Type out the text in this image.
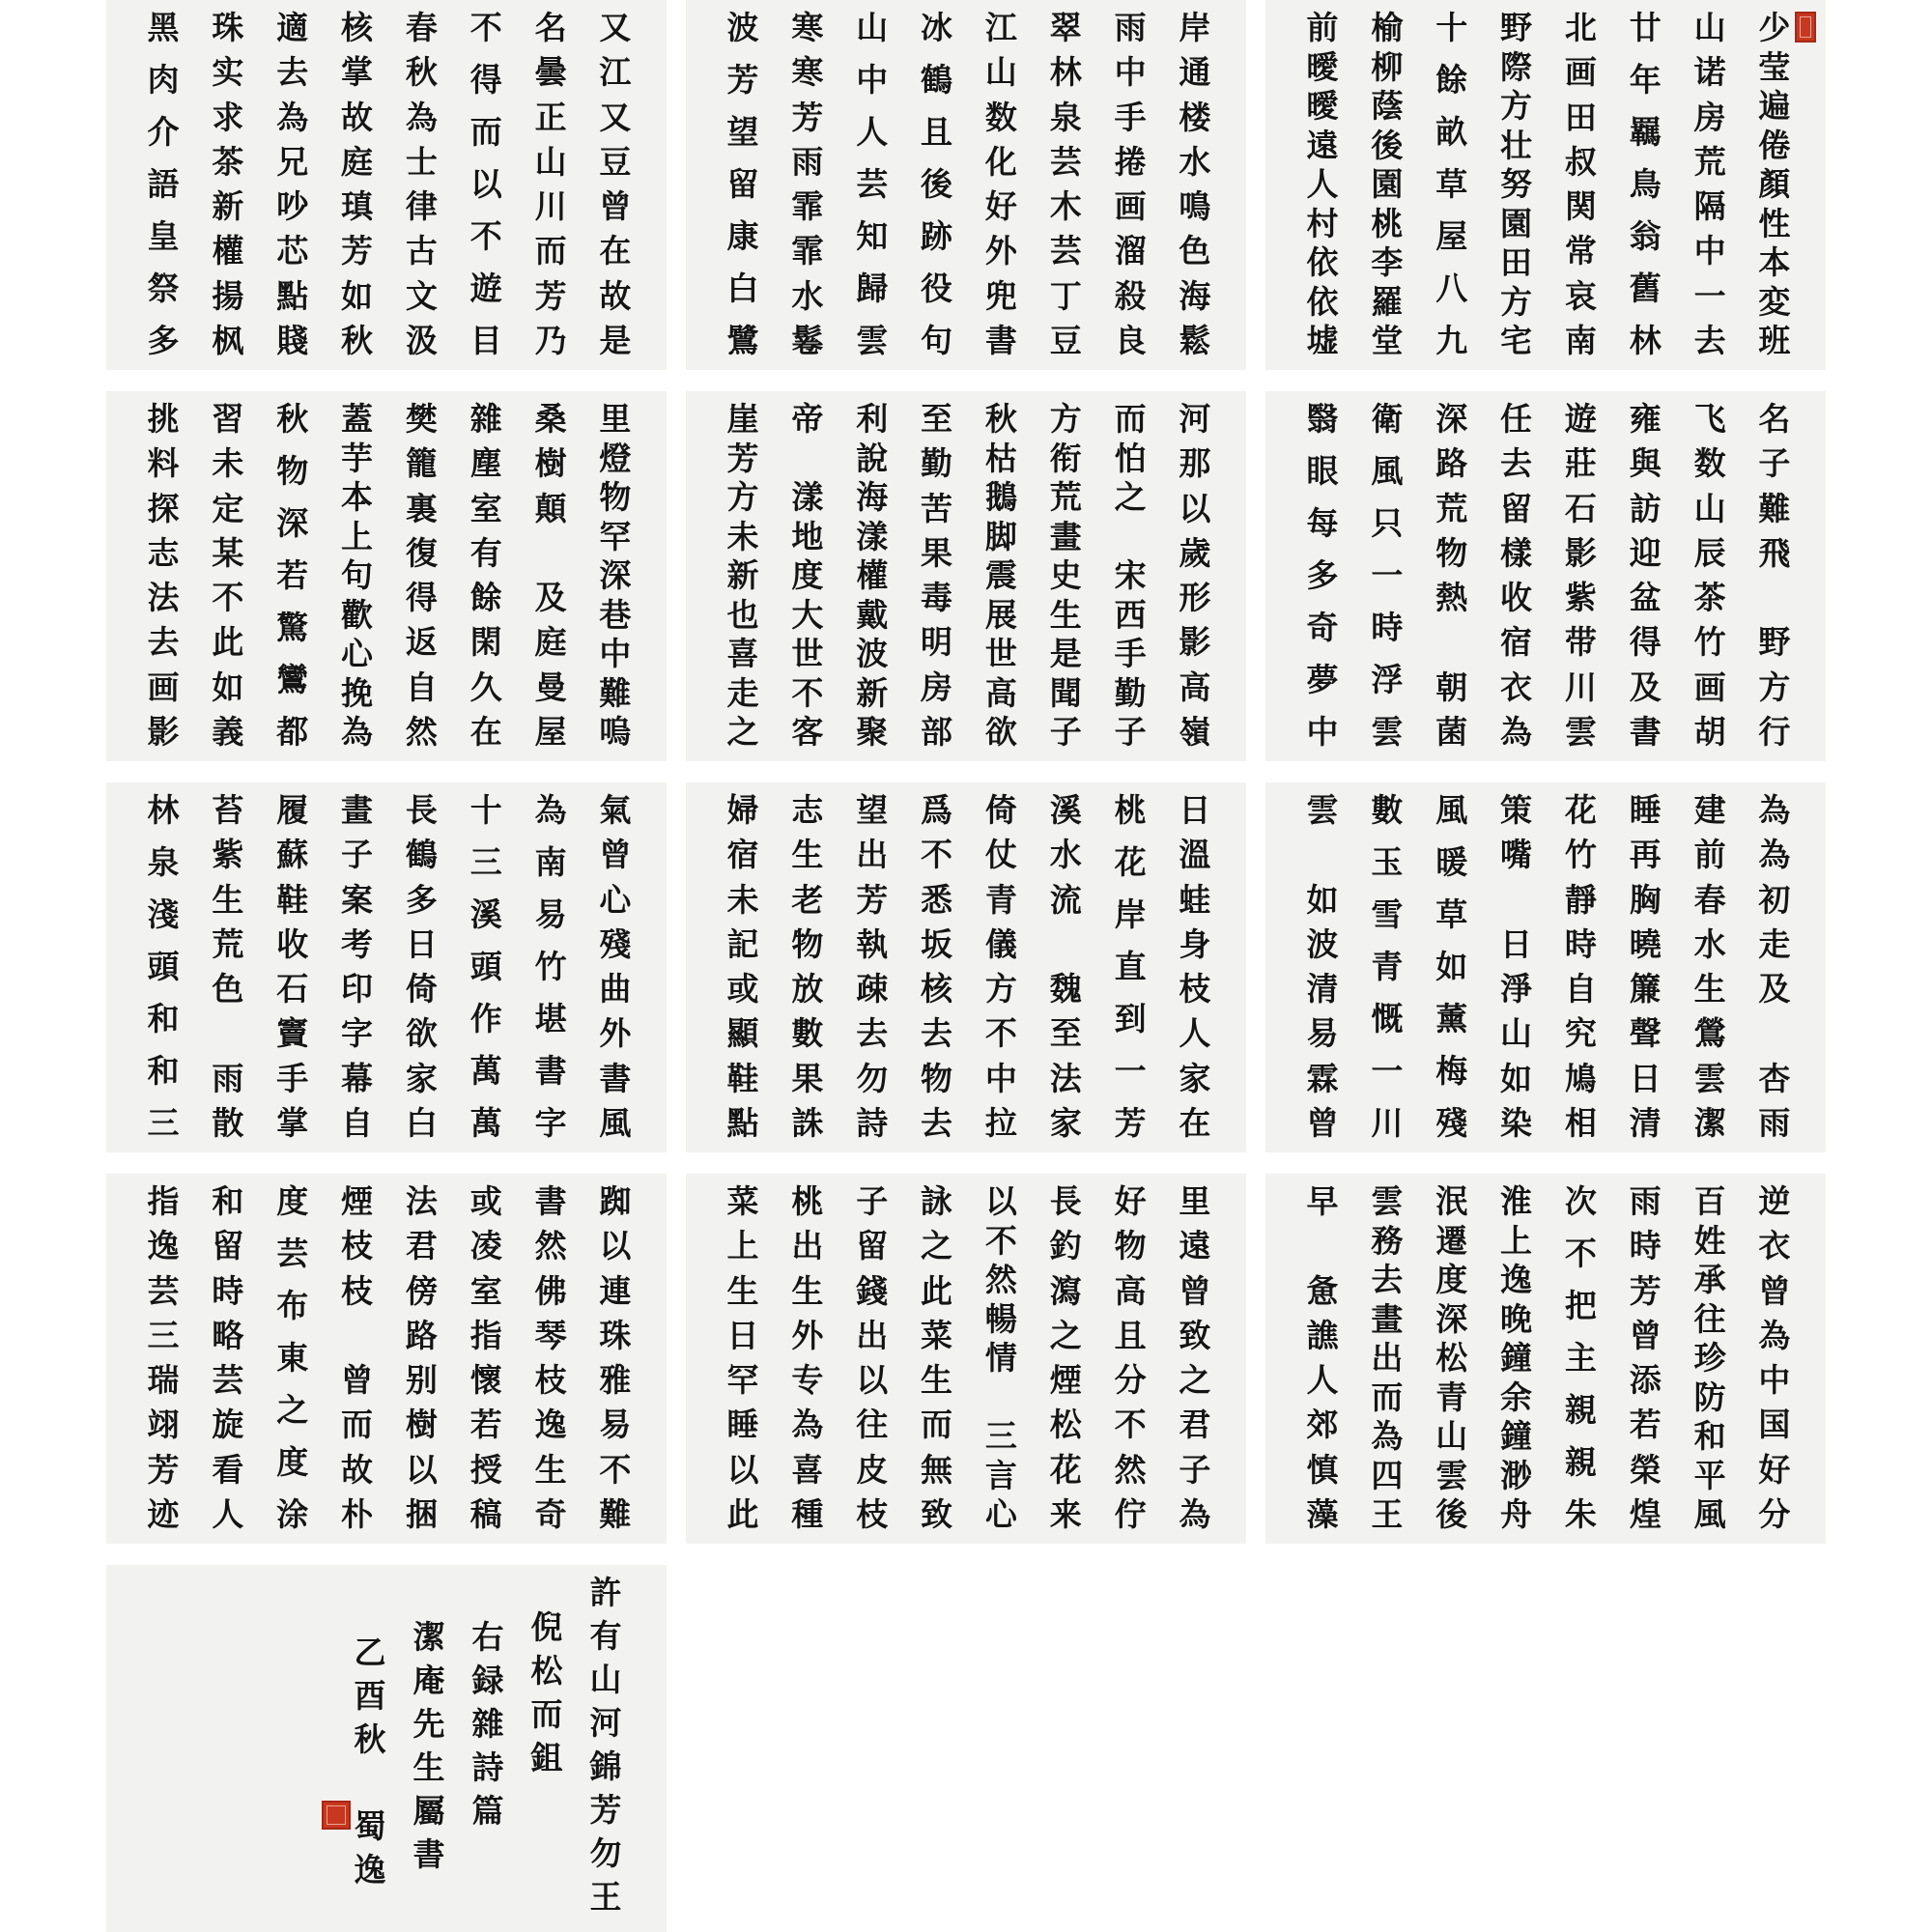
少
莹
遍
倦
顏
性
本
変
班
山
诺
房
荒
隔
中
一
去
廿
年
羈
鳥
翁
舊
林
北
画
田
叔
関
常
哀
南
野
際
方
壮
努
園
田
方
宅
十
餘
畝
草
屋
八
九
榆
柳
蔭
後
園
桃
李
羅
堂
前
曖
曖
遠
人
村
依
依
墟
岸
通
楼
水
鳴
色
海
鬆
雨
中
手
捲
画
溜
殺
良
翠
林
泉
芸
木
芸
丁
豆
江
山
数
化
好
外
兜
書
冰
鶴
且
後
跡
役
句
山
中
人
芸
知
歸
雲
寒
寒
芳
雨
霏
霏
水
鬈
波
芳
望
留
康
白
鷺
又
江
又
豆
曾
在
故
是
名
曇
正
山
川
而
芳
乃
不
得
而
以
不
遊
目
春
秋
為
士
律
古
文
汲
核
掌
故
庭
瑱
芳
如
秋
適
去
為
兄
吵
芯
點
賤
珠
实
求
茶
新
權
揚
枫
黑
肉
介
語
皇
祭
多
名
子
難
飛

野
方
行
飞
数
山
辰
茶
竹
画
胡
雍
與
訪
迎
盆
得
及
書
遊
莊
石
影
紫
带
川
雲
任
去
留
樣
收
宿
衣
為
深
路
荒
物
熱

朝
菌
衛
風
只
一
時
浮
雲
翳
眼
每
多
奇
夢
中
河
那
以
歲
形
影
高
嶺
而
怕
之

宋
西
手
勤
子
方
衔
荒
畫
史
生
是
聞
子
秋
枯
鵝
脚
震
展
世
高
欲
至
勤
苦
果
毒
明
房
部
利
說
海
漾
權
戴
波
新
聚
帝

漾
地
度
大
世
不
客
崖
芳
方
未
新
也
喜
走
之
里
燈
物
罕
深
巷
中
難
嗚
桑
樹
顛

及
庭
曼
屋
雜
塵
室
有
餘
閑
久
在
樊
籠
裏
復
得
返
自
然
蓋
芋
本
上
句
歡
心
挽
為
秋
物
深
若
驚
鸞
都
習
未
定
某
不
此
如
義
挑
料
探
志
法
去
画
影
為
為
初
走
及

杏
雨
建
前
春
水
生
鶯
雲
潔
睡
再
胸
曉
簾
聲
日
清
花
竹
靜
時
自
究
鳩
相
策
嘴

日
淨
山
如
染
風
暖
草
如
薰
梅
殘
數
玉
雪
青
慨
一
川
雲

如
波
清
易
霖
曾
日
溫
蛙
身
枝
人
家
在
桃
花
岸
直
到
一
芳
溪
水
流

魏
至
法
家
倚
仗
青
儀
方
不
中
拉
爲
不
悉
坂
核
去
物
去
望
出
芳
執
疎
去
勿
詩
志
生
老
物
放
數
果
誅
婦
宿
未
記
或
顯
鞋
點
氣
曾
心
殘
曲
外
書
風
為
南
易
竹
堪
書
字
十
三
溪
頭
作
萬
萬
長
鶴
多
日
倚
欲
家
白
畫
子
案
考
印
字
幕
自
履
蘇
鞋
收
石
竇
手
掌
苔
紫
生
荒
色

雨
散
林
泉
淺
頭
和
和
三
逆
衣
曾
為
中
国
好
分
百
姓
承
往
珍
防
和
平
風
雨
時
芳
曾
添
若
榮
煌
次
不
把
主
親
親
朱
淮
上
逸
晚
鐘
余
鐘
渺
舟
泯
遷
度
深
松
青
山
雲
後
雲
務
去
畫
出
而
為
四
王
早

惫
譙
人
郊
慎
藻
里
遠
曾
致
之
君
子
為
好
物
高
且
分
不
然
佇
長
釣
瀉
之
煙
松
花
来
以
不
然
暢
情

三
言
心
詠
之
此
菜
生
而
無
致
子
留
錢
出
以
往
皮
枝
桃
出
生
外
专
為
喜
種
菜
上
生
日
罕
睡
以
此
踟
以
連
珠
雅
易
不
難
書
然
佛
琴
枝
逸
生
奇
或
凌
室
指
懷
若
授
稿
法
君
傍
路
别
樹
以
捆
煙
枝
枝

曾
而
故
朴
度
芸
布
東
之
度
涂
和
留
時
略
芸
旋
看
人
指
逸
芸
三
瑞
翊
芳
迹
許
有
山
河
錦
芳
勿
王
倪
松
而
鉏
右
録
雜
詩
篇
潔
庵
先
生
屬
書
乙
酉
秋

蜀
逸
